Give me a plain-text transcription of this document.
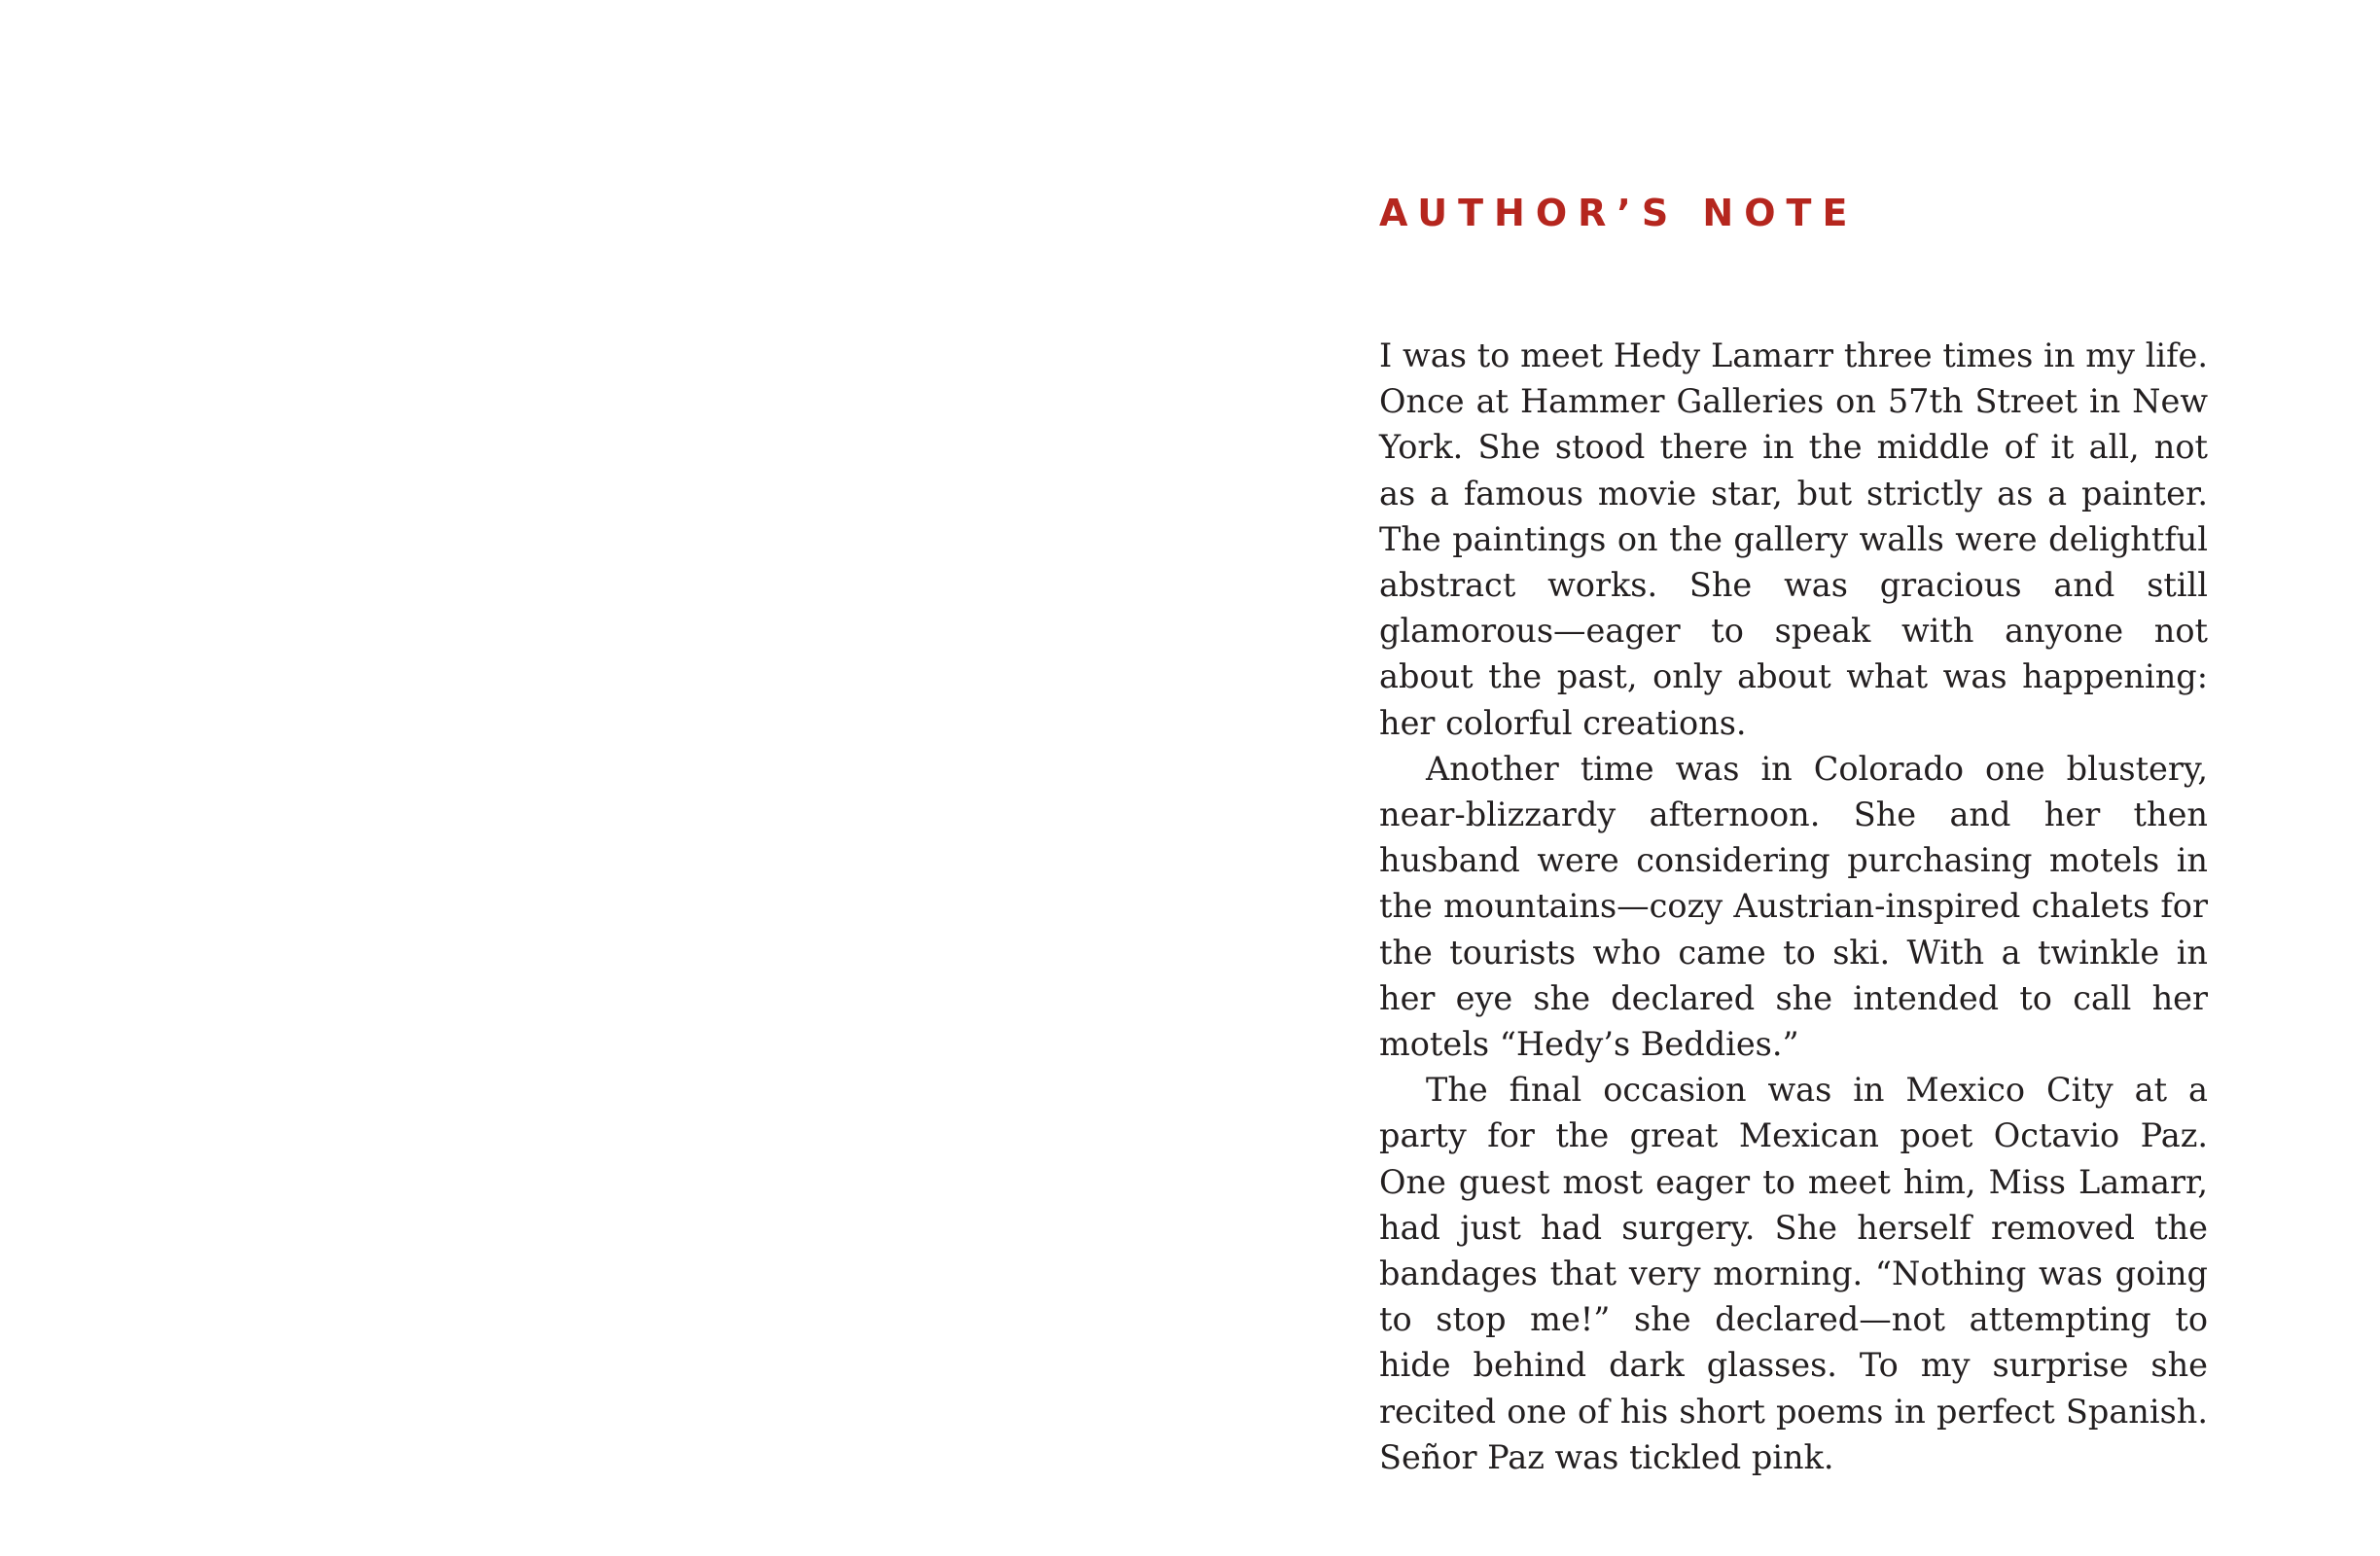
AUTHOR’S NOTE

I was to meet Hedy Lamarr three times in my life. Once at Hammer Galleries on 57th Street in New York. She stood there in the middle of it all, not as a famous movie star, but strictly as a painter. The paintings on the gallery walls were delightful abstract works. She was gracious and still glamorous—eager to speak with anyone not about the past, only about what was happening: her colorful creations.

Another time was in Colorado one blustery, near-blizzardy afternoon. She and her then husband were considering purchasing motels in the mountains—cozy Austrian-inspired chalets for the tourists who came to ski. With a twinkle in her eye she declared she intended to call her motels “Hedy’s Beddies.”

The final occasion was in Mexico City at a party for the great Mexican poet Octavio Paz. One guest most eager to meet him, Miss Lamarr, had just had surgery. She herself removed the bandages that very morning. “Nothing was going to stop me!” she declared—not attempting to hide behind dark glasses. To my surprise she recited one of his short poems in perfect Spanish. Señor Paz was tickled pink.
